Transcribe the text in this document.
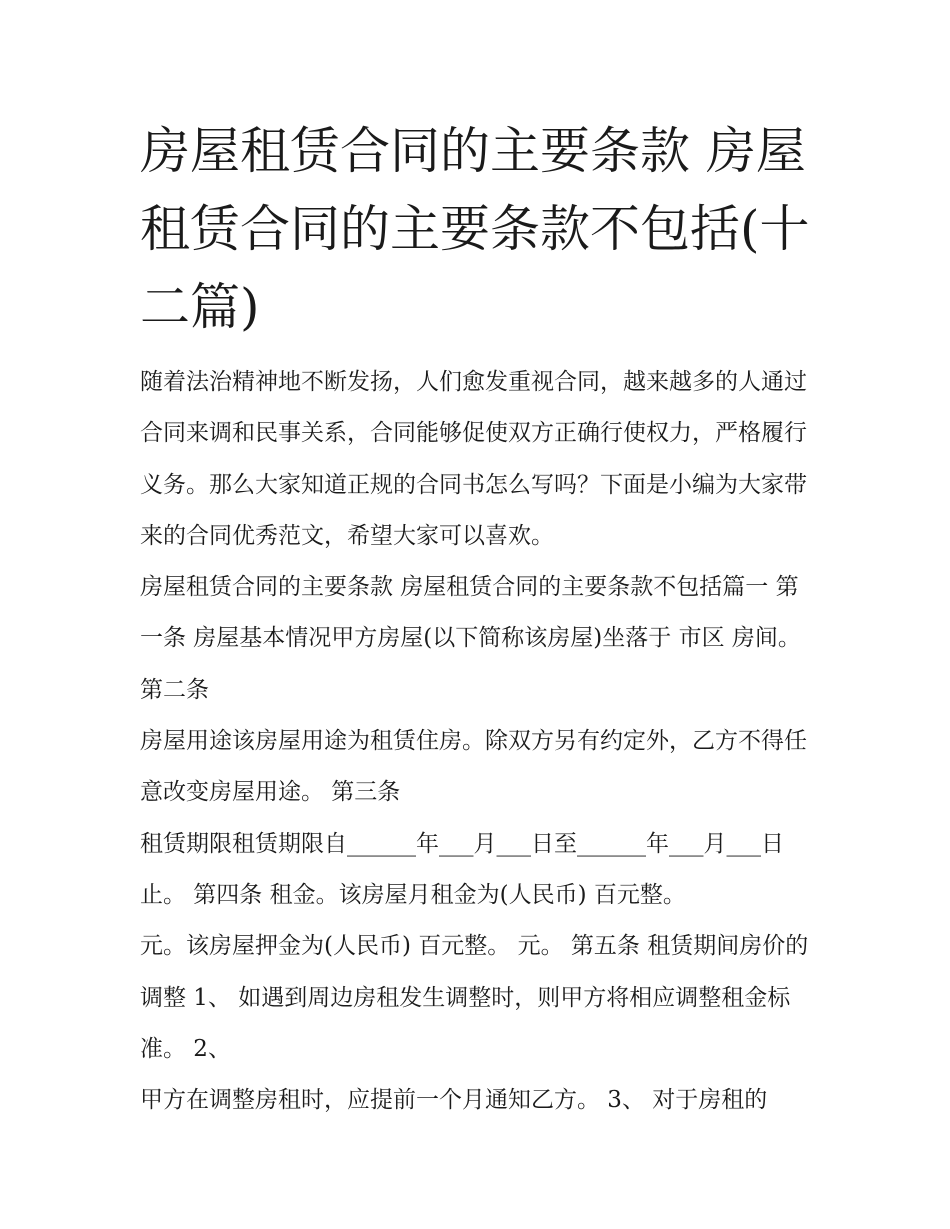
房屋租赁合同的主要条款 房屋租赁合同的主要条款不包括(十二篇)

随着法治精神地不断发扬，人们愈发重视合同，越来越多的人通过合同来调和民事关系，合同能够促使双方正确行使权力，严格履行义务。那么大家知道正规的合同书怎么写吗？下面是小编为大家带来的合同优秀范文，希望大家可以喜欢。

房屋租赁合同的主要条款 房屋租赁合同的主要条款不包括篇一 第一条 房屋基本情况甲方房屋(以下简称该房屋)坐落于 市区 房间。 第二条

房屋用途该房屋用途为租赁住房。除双方另有约定外，乙方不得任意改变房屋用途。 第三条

租赁期限租赁期限自______年___月___日至______年___月___日止。 第四条 租金。该房屋月租金为(人民币) 百元整。

元。该房屋押金为(人民币) 百元整。 元。 第五条 租赁期间房价的调整 1、 如遇到周边房租发生调整时，则甲方将相应调整租金标准。 2、

甲方在调整房租时，应提前一个月通知乙方。 3、 对于房租的
